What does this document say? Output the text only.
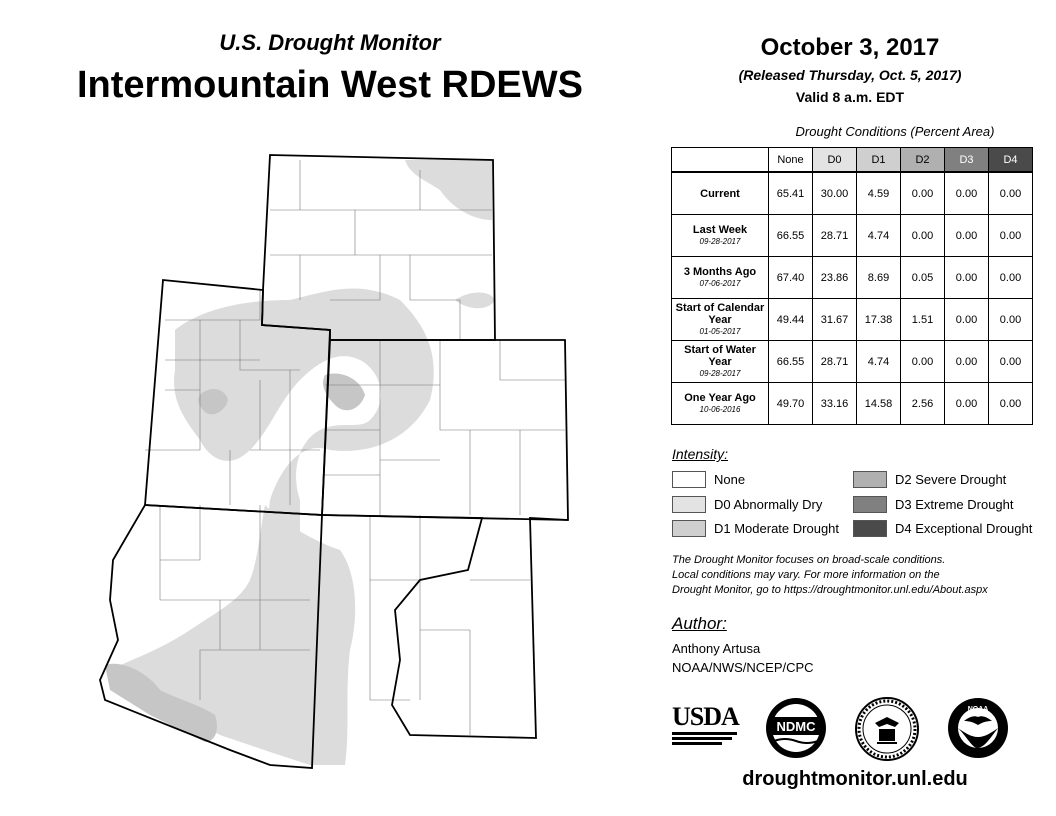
U.S. Drought Monitor
Intermountain West RDEWS
October 3, 2017
(Released Thursday, Oct. 5, 2017)
Valid 8 a.m. EDT
Drought Conditions (Percent Area)
	None	D0	D1	D2	D3	D4
Current	65.41	30.00	4.59	0.00	0.00	0.00
Last Week
09-28-2017	66.55	28.71	4.74	0.00	0.00	0.00
3 Months Ago
07-06-2017	67.40	23.86	8.69	0.05	0.00	0.00
Start of Calendar Year
01-05-2017	49.44	31.67	17.38	1.51	0.00	0.00
Start of Water Year
09-28-2017	66.55	28.71	4.74	0.00	0.00	0.00
One Year Ago
10-06-2016	49.70	33.16	14.58	2.56	0.00	0.00
Intensity:
None
D0 Abnormally Dry
D1 Moderate Drought
D2 Severe Drought
D3 Extreme Drought
D4 Exceptional Drought
The Drought Monitor focuses on broad-scale conditions.
Local conditions may vary. For more information on the
Drought Monitor, go to https://droughtmonitor.unl.edu/About.aspx
Author:
Anthony Artusa
NOAA/NWS/NCEP/CPC
USDA	NDMC
NOAA
droughtmonitor.unl.edu
